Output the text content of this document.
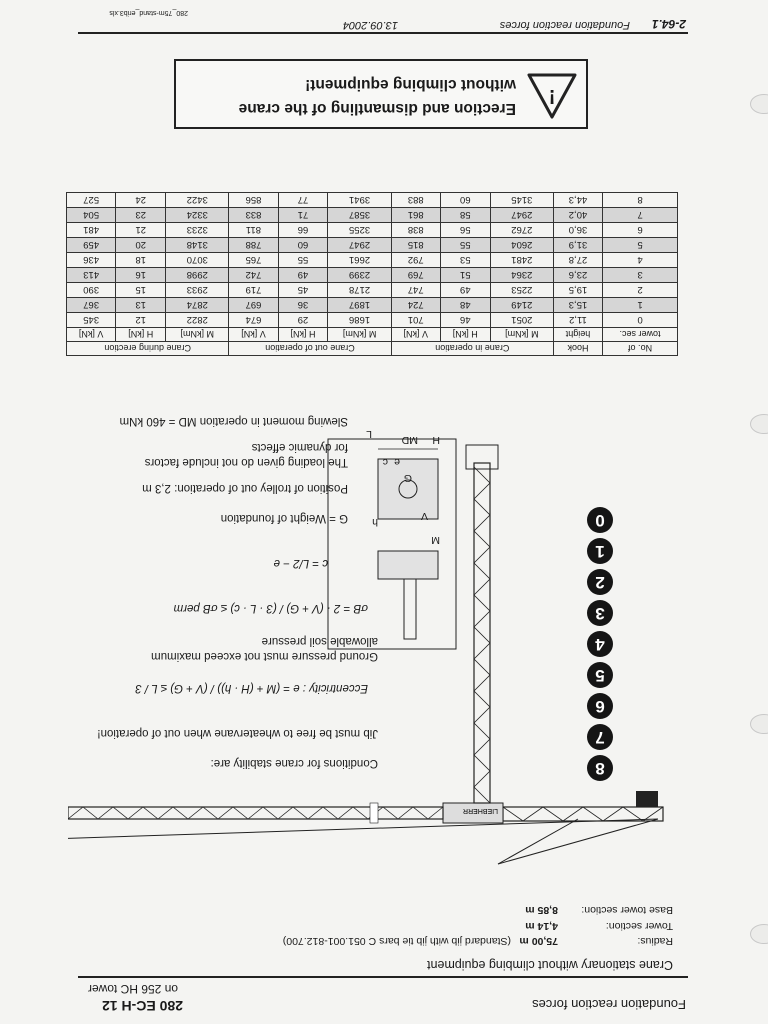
Foundation reaction forces
280 EC-H 12
on 256 HC tower
Crane stationary without climbing equipment
Radius:
75,00 m
(Standard jib with jib tie bars C 051.001-812.700)
Tower section:
4,14 m
Base tower section:
8,85 m
LIEBHERR
M
V
h
G
e
c
H
MD
L
8
7
6
5
4
3
2
1
0
Conditions for crane stability are:
Jib must be free to wheatervane when out of operation!
Eccentricity : e = (M + (H · h)) / (V + G) ≤ L / 3
Ground pressure must not exceed maximum
allowable soil pressure
σB = 2 · (V + G) / (3 · L · c) ≤ σB perm
c = L/2 − e
G = Weight of foundation
Position of trolley out of operation: 2,3 m
The loading given do not include factors
for dynamic effects
Slewing moment in operation MD = 460 kNm
No. of	Hook	Crane in operation			Crane out of operation			Crane during erection		
tower sec.	height	M [kNm]	H [kN]	V [kN]	M [kNm]	H [kN]	V [kN]	M [kNm]	H [kN]	V [kN]
0	11,2	2051	46	701	1686	29	674	2822	12	345
1	15,3	2149	48	724	1897	36	697	2874	13	367
2	19,5	2253	49	747	2178	45	719	2933	15	390
3	23,6	2364	51	769	2399	49	742	2998	16	413
4	27,8	2481	53	792	2661	55	765	3070	18	436
5	31,9	2604	55	815	2947	60	788	3148	20	459
6	36,0	2762	56	838	3255	66	811	3233	21	481
7	40,2	2947	58	861	3587	71	833	3324	23	504
8	44,3	3145	60	883	3941	77	856	3422	24	527
!
Erection and dismantling of the crane
without climbing equipment!
2-64.1
Foundation reaction forces
13.09.2004
280_75m-stand_erib3.xls
